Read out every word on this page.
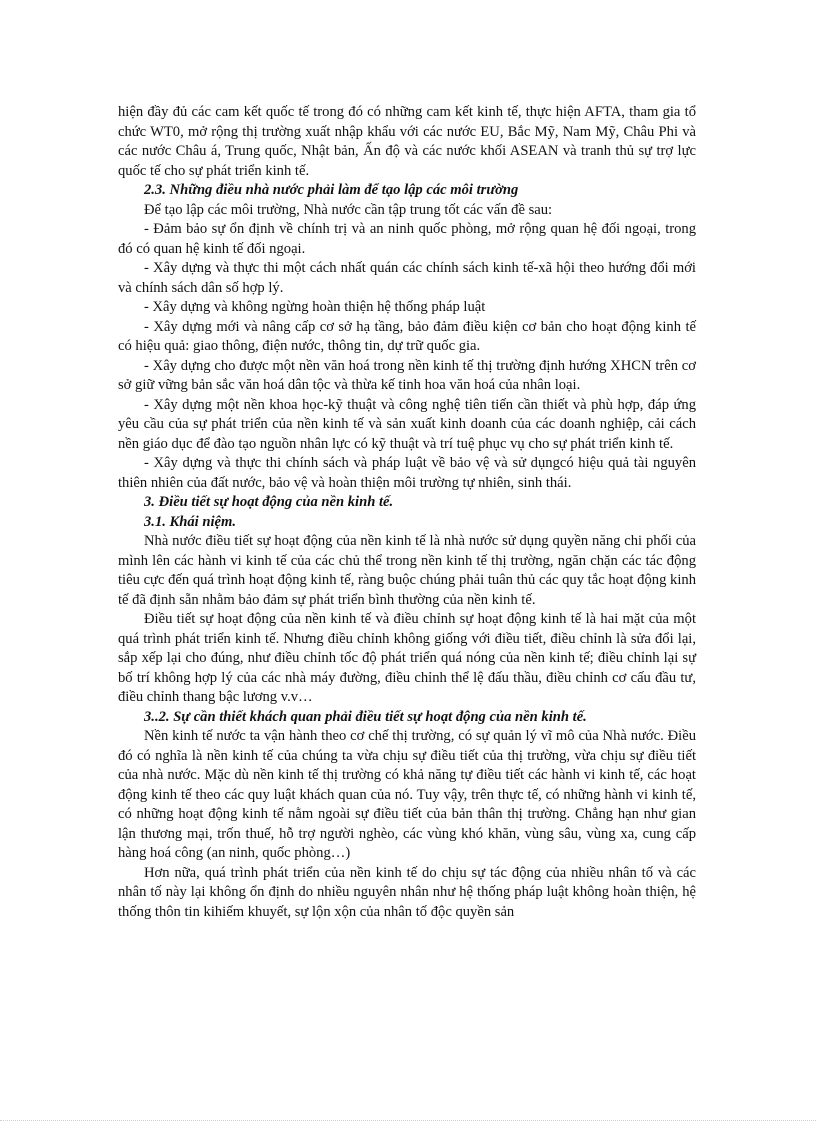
hiện đầy đủ các cam kết quốc tế trong đó có những cam kết kinh tế, thực hiện AFTA, tham gia tổ chức WT0, mở rộng thị trường xuất nhập khẩu với các nước EU, Bắc Mỹ, Nam Mỹ, Châu Phi và các nước Châu á, Trung quốc, Nhật bản, Ấn độ và các nước khối ASEAN và tranh thủ sự trợ lực quốc tế cho sự phát triển kinh tế.

2.3. Những điều nhà nước phải làm để tạo lập các môi trường

Để tạo lập các môi trường, Nhà nước cần tập trung tốt các vấn đề sau:

- Đảm bảo sự ổn định về chính trị và an ninh quốc phòng, mở rộng quan hệ đối ngoại, trong đó có quan hệ kinh tế đối ngoại.

- Xây dựng và thực thi một cách nhất quán các chính sách kinh tế-xã hội theo hướng đổi mới và chính sách dân số hợp lý.

- Xây dựng và không ngừng hoàn thiện hệ thống pháp luật

- Xây dựng mới và nâng cấp cơ sở hạ tầng, bảo đảm điều kiện cơ bản cho hoạt động kinh tế có hiệu quả: giao thông, điện nước, thông tin, dự trữ quốc gia.

- Xây dựng cho được một nền văn hoá trong nền kinh tế thị trường định hướng XHCN trên cơ sở giữ vững bản sắc văn hoá dân tộc và thừa kế tinh hoa văn hoá của nhân loại.

- Xây dựng một nền khoa học-kỹ thuật và công nghệ tiên tiến cần thiết và phù hợp, đáp ứng yêu cầu của sự phát triển của nền kinh tế và sản xuất kinh doanh của các doanh nghiệp, cải cách nền giáo dục để đào tạo nguồn nhân lực có kỹ thuật và trí tuệ phục vụ cho sự phát triển kinh tế.

- Xây dựng và thực thi chính sách và pháp luật về bảo vệ và sử dụngcó hiệu quả tài nguyên thiên nhiên của đất nước, bảo vệ và hoàn thiện môi trường tự nhiên, sinh thái.

3. Điều tiết sự hoạt động của nền kinh tế.

3.1. Khái niệm.

Nhà nước điều tiết sự hoạt động của nền kinh tế là nhà nước sử dụng quyền năng chi phối của mình lên các hành vi kinh tế của các chủ thể trong nền kinh tế thị trường, ngăn chặn các tác động tiêu cực đến quá trình hoạt động kinh tế, ràng buộc chúng phải tuân thủ các quy tắc hoạt động kinh tế đã định sẵn nhằm bảo đảm sự phát triển bình thường của nền kinh tế.

Điều tiết sự hoạt động của nền kinh tế và điều chỉnh sự hoạt động kinh tế là hai mặt của một quá trình phát triển kinh tế. Nhưng điều chỉnh không giống với điều tiết, điều chỉnh là sửa đổi lại, sắp xếp lại cho đúng, như điều chỉnh tốc độ phát triển quá nóng của nền kinh tế; điều chỉnh lại sự bố trí không hợp lý của các nhà máy đường, điều chỉnh thể lệ đấu thầu, điều chỉnh cơ cấu đầu tư, điều chỉnh thang bậc lương v.v…

3..2. Sự cần thiết khách quan phải điều tiết sự hoạt động của nền kinh tế.

Nền kinh tế nước ta vận hành theo cơ chế thị trường, có sự quản lý vĩ mô của Nhà nước. Điều đó có nghĩa là nền kinh tế của chúng ta vừa chịu sự điều tiết của thị trường, vừa chịu sự điều tiết của nhà nước. Mặc dù nền kinh tế thị trường có khả năng tự điều tiết các hành vi kinh tế, các hoạt động kinh tế theo các quy luật khách quan của nó. Tuy vậy, trên thực tế, có những hành vi kinh tế, có những hoạt động kinh tế nằm ngoài sự điều tiết của bản thân thị trường. Chẳng hạn như gian lận thương mại, trốn thuế, hỗ trợ người nghèo, các vùng khó khăn, vùng sâu, vùng xa, cung cấp hàng hoá công (an ninh, quốc phòng…)

Hơn nữa, quá trình phát triển của nền kinh tế do chịu sự tác động của nhiều nhân tố và các nhân tố này lại không ổn định do nhiều nguyên nhân như hệ thống pháp luật không hoàn thiện, hệ thống thôn tin kihiếm khuyết, sự lộn xộn của nhân tố độc quyền sản
